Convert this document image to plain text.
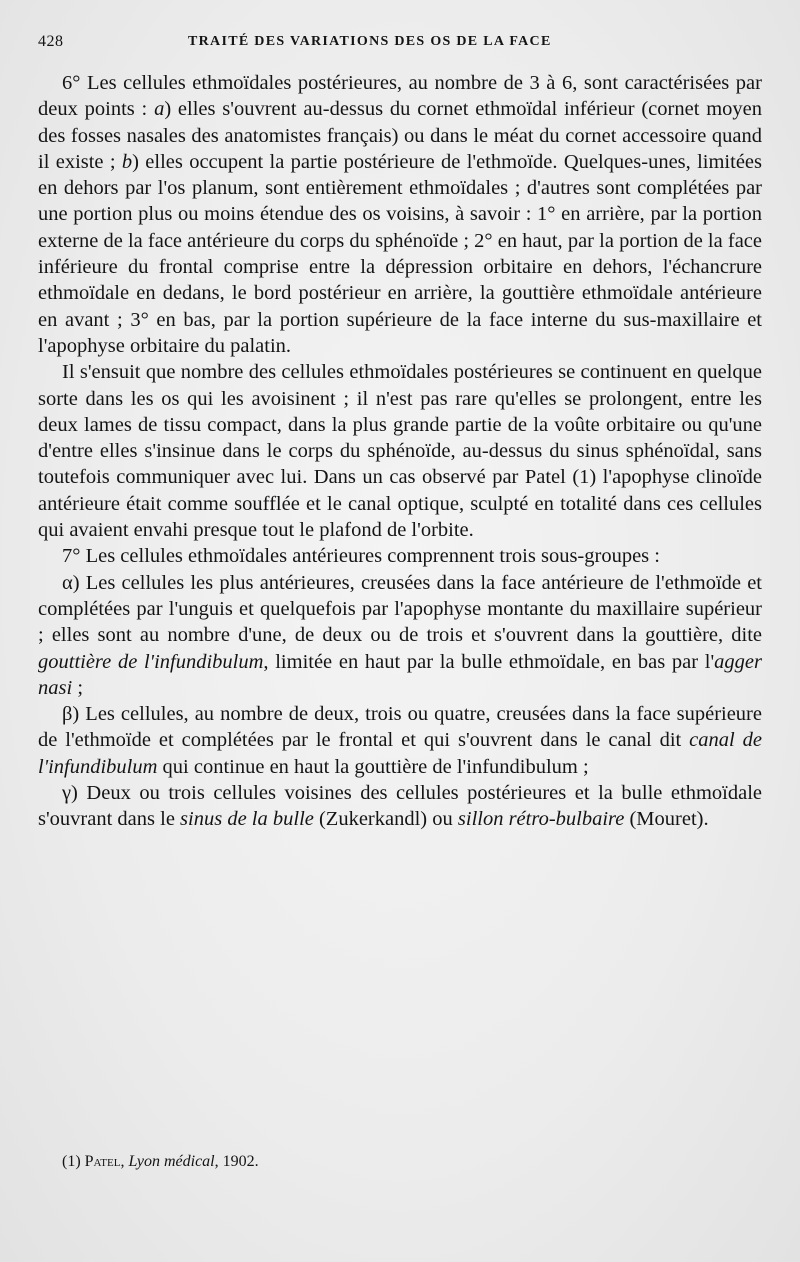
428	TRAITÉ DES VARIATIONS DES OS DE LA FACE

6° Les cellules ethmoïdales postérieures, au nombre de 3 à 6, sont caractérisées par deux points : a) elles s'ouvrent au-dessus du cornet ethmoïdal inférieur (cornet moyen des fosses nasales des anatomistes français) ou dans le méat du cornet accessoire quand il existe ; b) elles occupent la partie postérieure de l'ethmoïde. Quelques-unes, limitées en dehors par l'os planum, sont entièrement ethmoïdales ; d'autres sont complétées par une portion plus ou moins étendue des os voisins, à savoir : 1° en arrière, par la portion externe de la face antérieure du corps du sphénoïde ; 2° en haut, par la portion de la face inférieure du frontal comprise entre la dépression orbitaire en dehors, l'échancrure ethmoïdale en dedans, le bord postérieur en arrière, la gouttière ethmoïdale antérieure en avant ; 3° en bas, par la portion supérieure de la face interne du sus-maxillaire et l'apophyse orbitaire du palatin.

Il s'ensuit que nombre des cellules ethmoïdales postérieures se continuent en quelque sorte dans les os qui les avoisinent ; il n'est pas rare qu'elles se prolongent, entre les deux lames de tissu compact, dans la plus grande partie de la voûte orbitaire ou qu'une d'entre elles s'insinue dans le corps du sphénoïde, au-dessus du sinus sphénoïdal, sans toutefois communiquer avec lui. Dans un cas observé par Patel (1) l'apophyse clinoïde antérieure était comme soufflée et le canal optique, sculpté en totalité dans ces cellules qui avaient envahi presque tout le plafond de l'orbite.

7° Les cellules ethmoïdales antérieures comprennent trois sous-groupes :

α) Les cellules les plus antérieures, creusées dans la face antérieure de l'ethmoïde et complétées par l'unguis et quelquefois par l'apophyse montante du maxillaire supérieur ; elles sont au nombre d'une, de deux ou de trois et s'ouvrent dans la gouttière, dite gouttière de l'infundibulum, limitée en haut par la bulle ethmoïdale, en bas par l'agger nasi ;

β) Les cellules, au nombre de deux, trois ou quatre, creusées dans la face supérieure de l'ethmoïde et complétées par le frontal et qui s'ouvrent dans le canal dit canal de l'infundibulum qui continue en haut la gouttière de l'infundibulum ;

γ) Deux ou trois cellules voisines des cellules postérieures et la bulle ethmoïdale s'ouvrant dans le sinus de la bulle (Zukerkandl) ou sillon rétro-bulbaire (Mouret).

(1) Patel, Lyon médical, 1902.
